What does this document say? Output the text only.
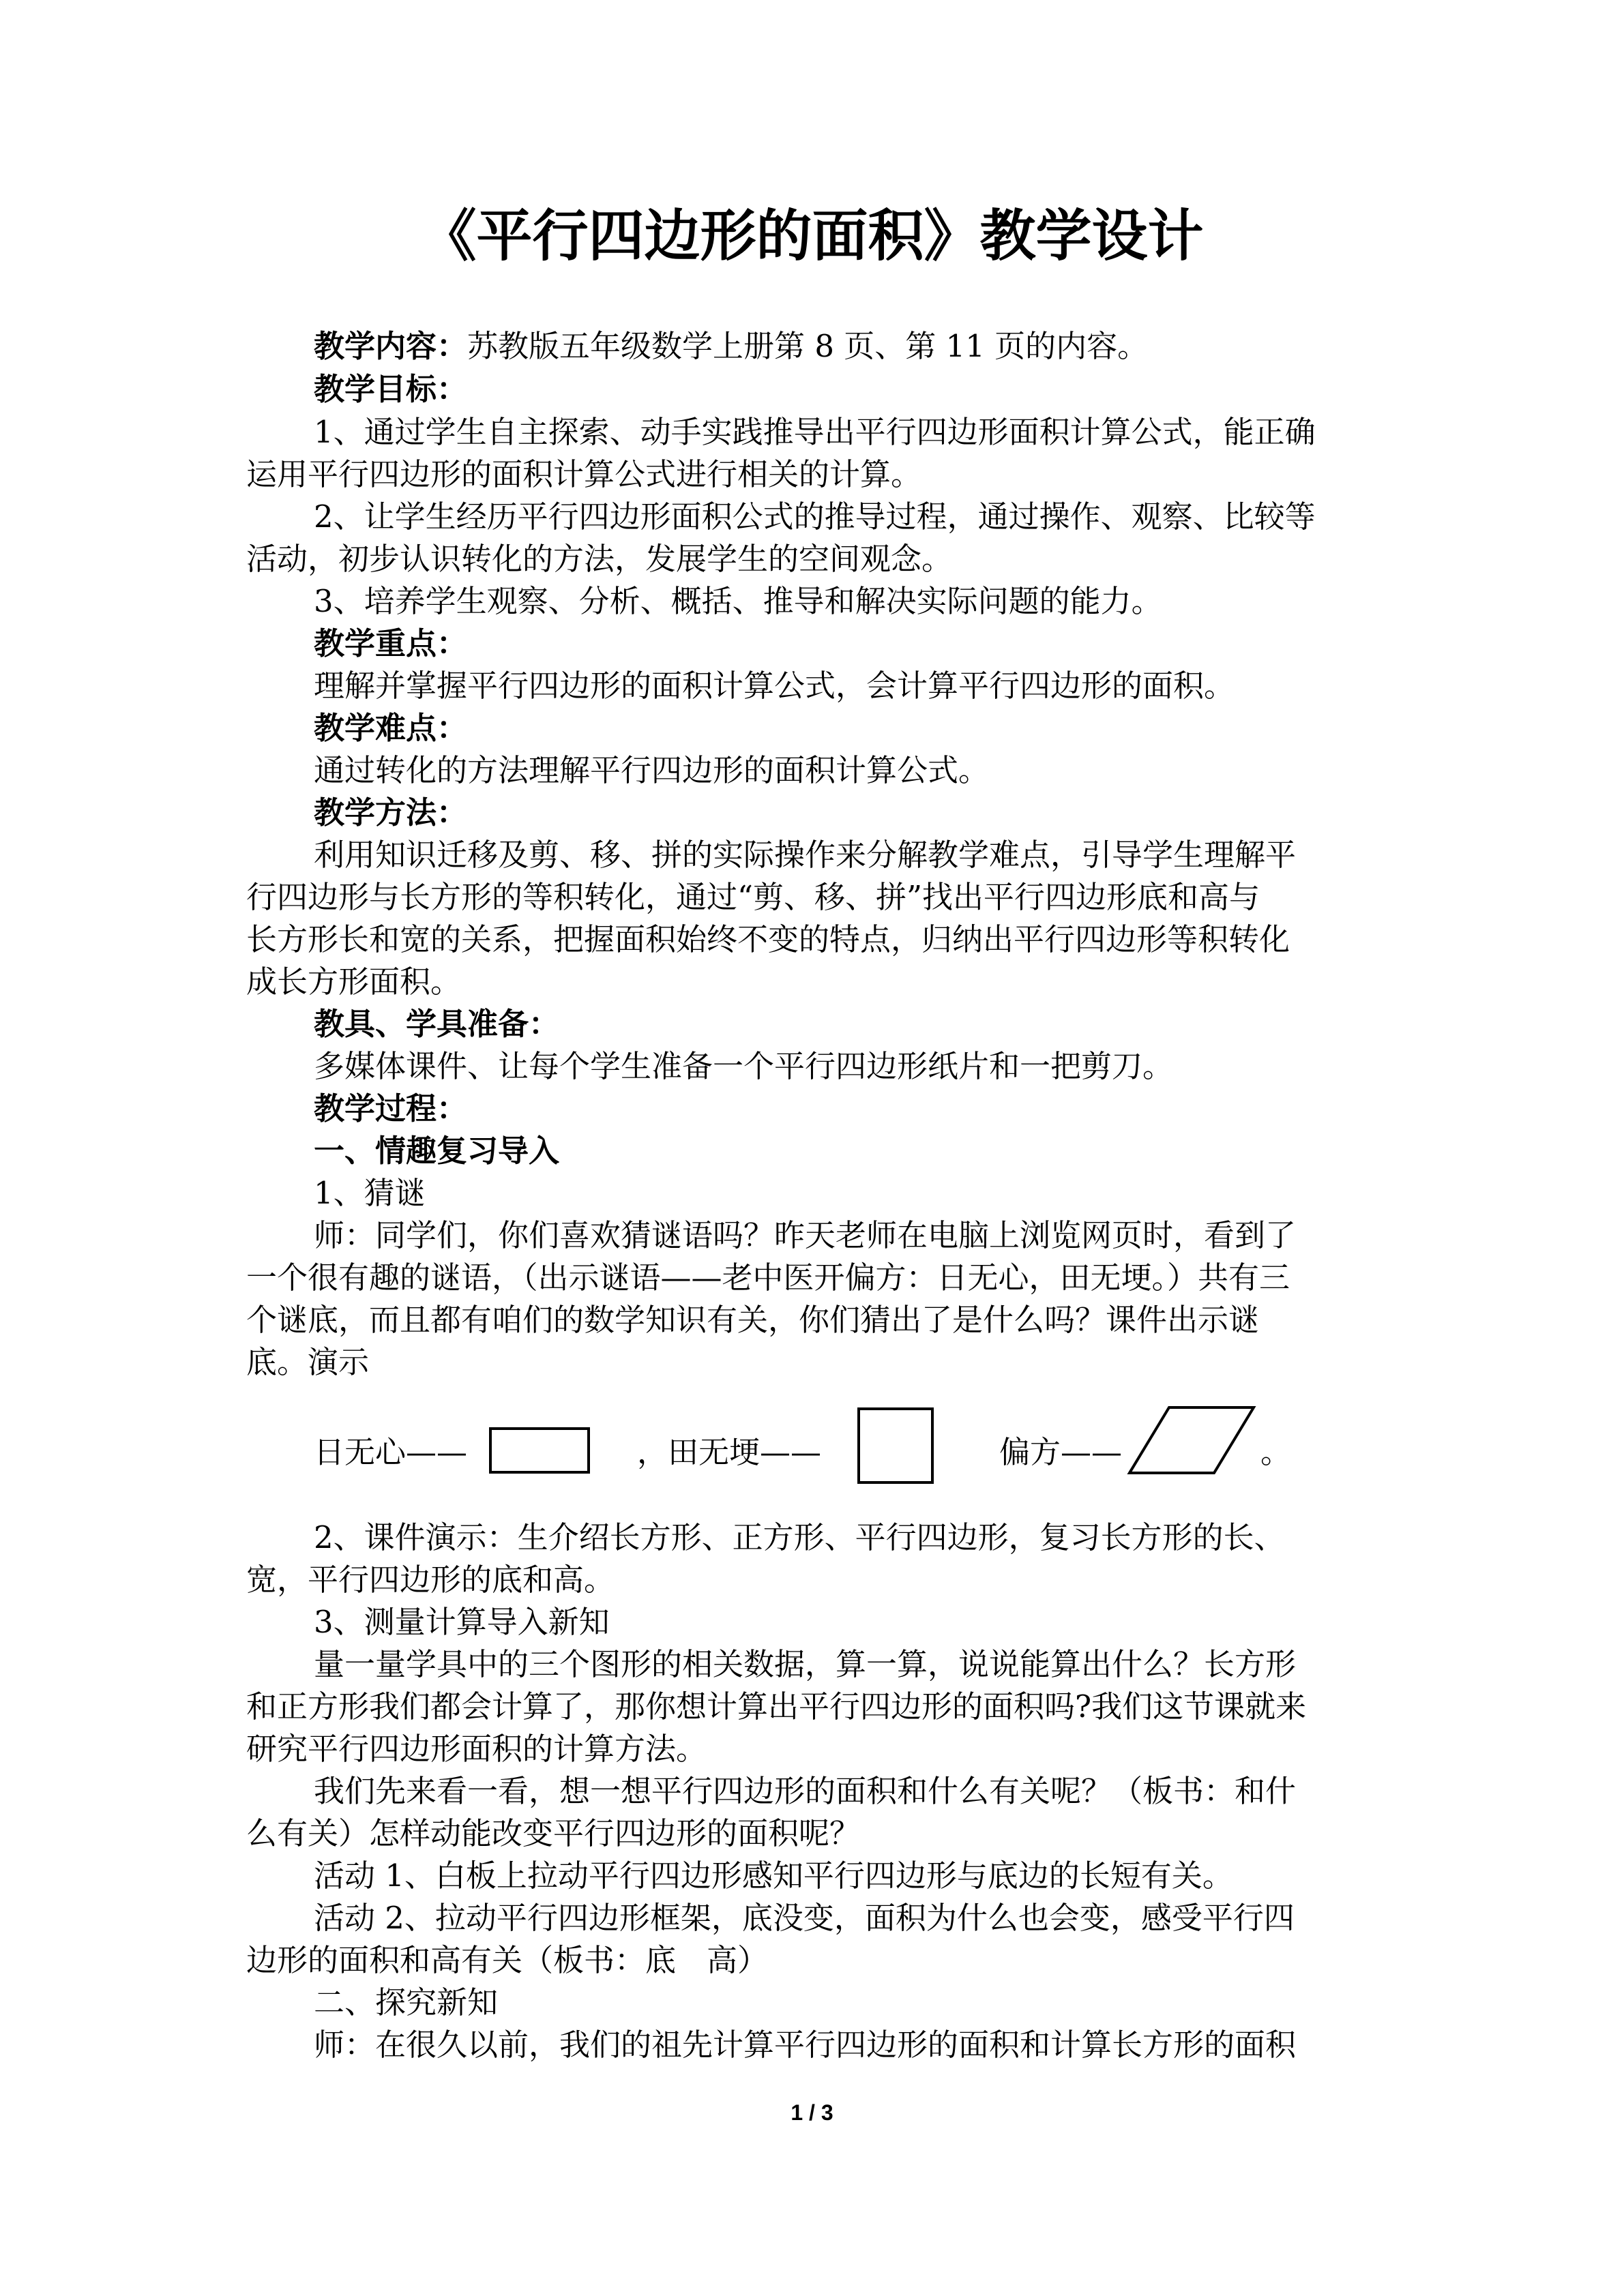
《平行四边形的面积》教学设计
教学内容：苏教版五年级数学上册第 8 页、第 11 页的内容。
教学目标：
1、通过学生自主探索、动手实践推导出平行四边形面积计算公式，能正确
运用平行四边形的面积计算公式进行相关的计算。
2、让学生经历平行四边形面积公式的推导过程，通过操作、观察、比较等
活动，初步认识转化的方法，发展学生的空间观念。
3、培养学生观察、分析、概括、推导和解决实际问题的能力。
教学重点：
理解并掌握平行四边形的面积计算公式，会计算平行四边形的面积。
教学难点：
通过转化的方法理解平行四边形的面积计算公式。
教学方法：
利用知识迁移及剪、移、拼的实际操作来分解教学难点，引导学生理解平
行四边形与长方形的等积转化，通过“剪、移、拼”找出平行四边形底和高与
长方形长和宽的关系，把握面积始终不变的特点，归纳出平行四边形等积转化
成长方形面积。
教具、学具准备：
多媒体课件、让每个学生准备一个平行四边形纸片和一把剪刀。
教学过程：
一、情趣复习导入
1、猜谜
师：同学们，你们喜欢猜谜语吗？昨天老师在电脑上浏览网页时，看到了
一个很有趣的谜语，（出示谜语——老中医开偏方：日无心，田无埂。）共有三
个谜底，而且都有咱们的数学知识有关，你们猜出了是什么吗？课件出示谜
底。演示
日无心——	，田无埂——	偏方——	。
2、课件演示：生介绍长方形、正方形、平行四边形，复习长方形的长、
宽，平行四边形的底和高。
3、测量计算导入新知
量一量学具中的三个图形的相关数据，算一算，说说能算出什么？长方形
和正方形我们都会计算了，那你想计算出平行四边形的面积吗?我们这节课就来
研究平行四边形面积的计算方法。
我们先来看一看，想一想平行四边形的面积和什么有关呢？（板书：和什
么有关）怎样动能改变平行四边形的面积呢？
活动 1、白板上拉动平行四边形感知平行四边形与底边的长短有关。
活动 2、拉动平行四边形框架，底没变，面积为什么也会变，感受平行四
边形的面积和高有关（板书：底　高）
二、探究新知
师：在很久以前，我们的祖先计算平行四边形的面积和计算长方形的面积
1 / 3
